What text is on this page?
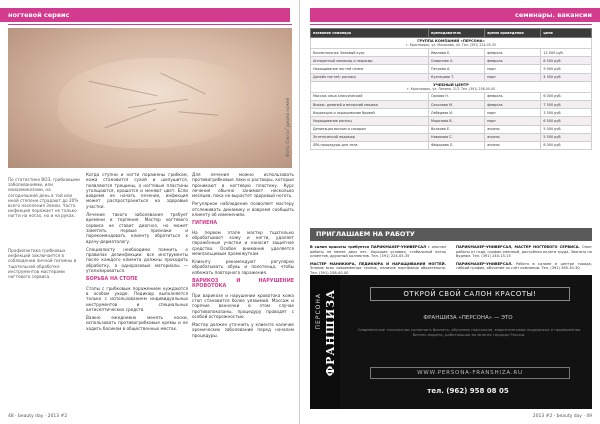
ногтевой сервис
Фото: Ольга Гуркова кожей
По статистике ВОЗ, грибковыми заболеваниями, или онихомикозами, на сегодняшний день в той или иной степени страдают до 20% всего населения Земли. Часто инфекция поражает не только ногти на ногах, но и на руках.
Профилактика грибковых инфекций заключается в соблюдении личной гигиены и тщательной обработке инструментов мастерами ногтевого сервиса.

Когда ступни и ногти поражены грибком, кожа становится сухой и шелушится, появляются трещины, а ногтевые пластины утолщаются, крошатся и меняют цвет. Если вовремя не начать лечение, инфекция может распространиться на здоровые участки.

Лечение такого заболевания требует времени и терпения. Мастер ногтевого сервиса не ставит диагноз, но может заметить первые признаки и порекомендовать клиенту обратиться к врачу-дерматологу.

Специалисту необходимо помнить о правилах дезинфекции: все инструменты после каждого клиента должны проходить обработку, а одноразовые материалы — утилизироваться.

БОРЬБА НА СТОПЕ

Стопы с грибковым поражением нуждаются в особом уходе. Педикюр выполняется только с использованием индивидуальных инструментов и специальных антисептических средств.

Важно ежедневно менять носки, использовать противогрибковые кремы и не ходить босиком в общественных местах.

Для лечения можно использовать противогрибковые лаки и растворы, которые проникают в ногтевую пластину. Курс лечения обычно занимает несколько месяцев, пока не вырастет здоровый ноготь.

Регулярное наблюдение позволяет мастеру отслеживать динамику и вовремя сообщить клиенту об изменениях.

ГИГИЕНА

На первом этапе мастер тщательно обрабатывает кожу и ногти, удаляет поражённые участки и наносит защитное средство. Особое внимание уделяется межпальцевым промежуткам.

Клиенту рекомендуют регулярно обрабатывать обувь и полотенца, чтобы избежать повторного заражения.

ВАРИКОЗ И НАРУШЕНИЕ КРОВОТОКА

При варикозе и нарушении кровотока кожа стоп становится более уязвимой. Массаж и горячие ванночки в этом случае противопоказаны, процедуру проводят с особой осторожностью.

Мастер должен уточнить у клиента наличие хронических заболеваний перед началом процедуры.

48 · beauty day · 2013 #2
семинары. вакансии
название семинара	преподаватель	время проведения	цена
ГРУППА КОМПАНИЙ «ПЕРСОНА»
г. Красноярск, ул. Молокова, 40. Тел. (391) 224-05-35			

Косметология: базовый курс	Иванова Е.	февраль	12 000 руб.
Аппаратный маникюр и педикюр	Смирнова О.	февраль	8 500 руб.
Наращивание ногтей гелем	Петрова А.	март	9 000 руб.
Дизайн ногтей: роспись	Кузнецова Т.	март	4 500 руб.
УЧЕБНЫЙ ЦЕНТР
г. Красноярск, ул. Ленина, 113. Тел. (391) 258-00-00			

Массаж лица классический	Орлова Н.	февраль	6 000 руб.
Визаж: дневной и вечерний макияж	Соколова М.	февраль	7 500 руб.
Коррекция и окрашивание бровей	Лебедева И.	март	3 500 руб.
Наращивание ресниц	Морозова В.	март	6 500 руб.
Депиляция воском и сахаром	Волкова Е.	апрель	5 000 руб.
Эстетический педикюр	Новикова С.	апрель	5 500 руб.
SPA-процедуры для тела	Фёдорова Л.	апрель	8 000 руб.
ПРИГЛАШАЕМ НА РАБОТУ

В салон красоты требуется ПАРИКМАХЕР-УНИВЕРСАЛ с опытом работы не менее двух лет. Хорошие условия, стабильный поток клиентов, дружный коллектив. Тел. (391) 224-05-35

МАСТЕР МАНИКЮРА, ПЕДИКЮРА И НАРАЩИВАНИЯ НОГТЕЙ. Знание всех современных техник, наличие портфолио обязательно. Тел. (391) 258-00-00

ПАРИКМАХЕР-УНИВЕРСАЛ, МАСТЕР НОГТЕВОГО СЕРВИСА. Опыт работы от года, график сменный, достойная оплата труда. Звонить по будням. Тел. (391) 240-15-15

ПАРИКМАХЕР-УНИВЕРСАЛ. Работа в салоне в центре города, гибкий график, обучение за счёт компании. Тел. (391) 265-30-30

ПЕРСОНА ФРАНШИЗА	ОТКРОЙ СВОЙ САЛОН КРАСОТЫ!
ФРАНШИЗА «ПЕРСОНА» — ЭТО
Современные технологии салонного бизнеса, обучение персонала, маркетинговая поддержка и проверенная бизнес-модель, работающая во многих городах России.
WWW.PERSONA-FRANSHIZA.RU
тел. (962) 958 08 05
2013 #2 · beauty day · 49
